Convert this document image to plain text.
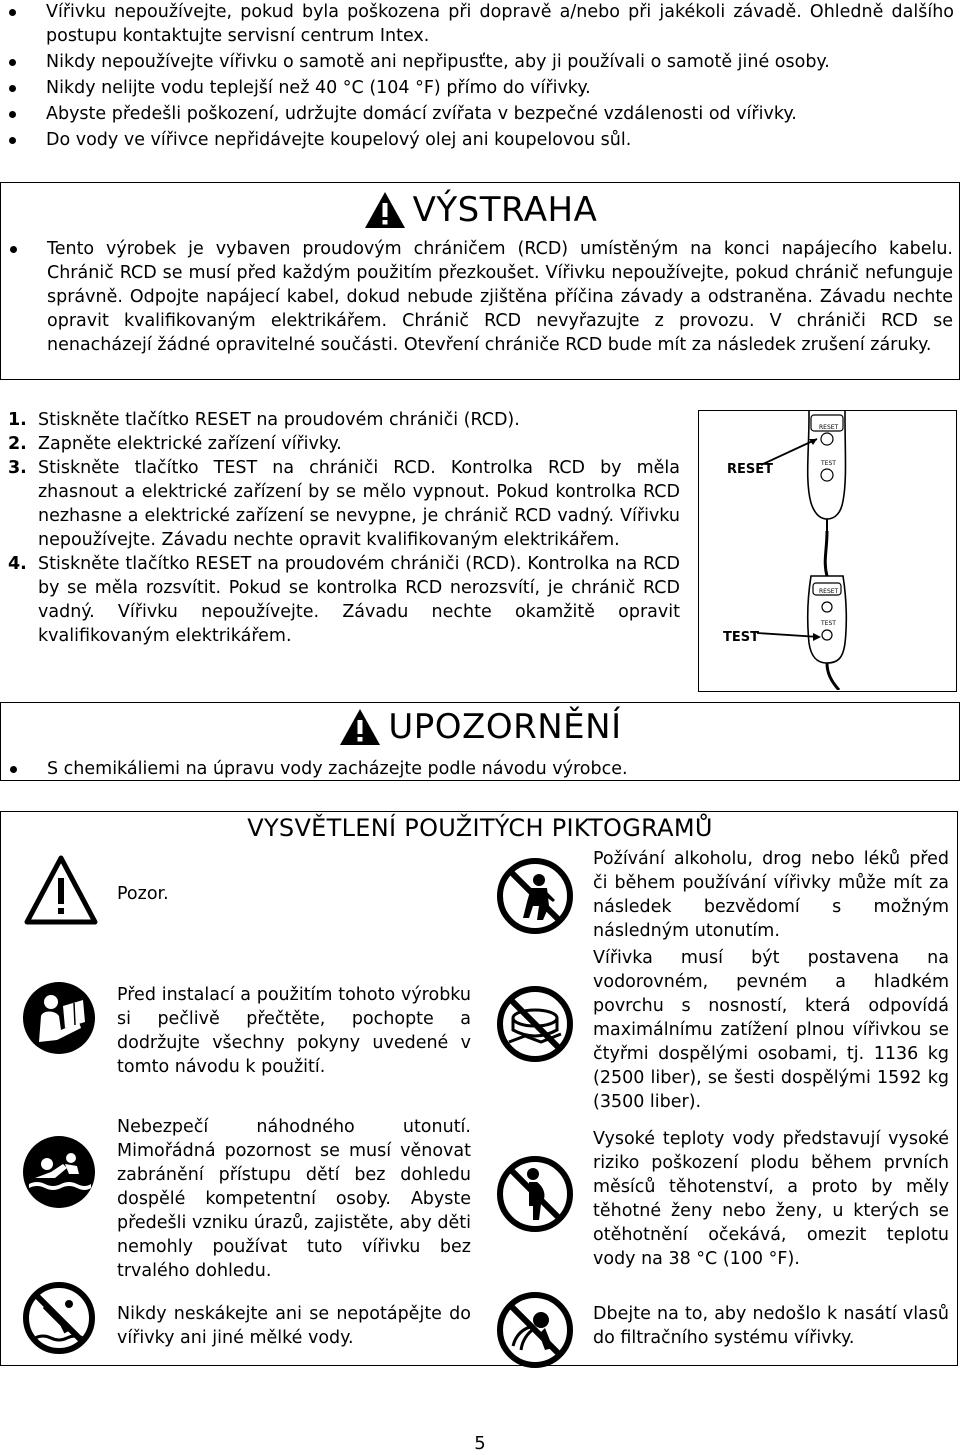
Vířivku nepoužívejte, pokud byla poškozena při dopravě a/nebo při jakékoli závadě. Ohledně dalšího postupu kontaktujte servisní centrum Intex.
Nikdy nepoužívejte vířivku o samotě ani nepřipusťte, aby ji používali o samotě jiné osoby.
Nikdy nelijte vodu teplejší než 40 °C (104 °F) přímo do vířivky.
Abyste předešli poškození, udržujte domácí zvířata v bezpečné vzdálenosti od vířivky.
Do vody ve vířivce nepřidávejte koupelový olej ani koupelovou sůl.
VÝSTRAHA
Tento výrobek je vybaven proudovým chráničem (RCD) umístěným na konci napájecího kabelu. Chránič RCD se musí před každým použitím přezkoušet. Vířivku nepoužívejte, pokud chránič nefunguje správně. Odpojte napájecí kabel, dokud nebude zjištěna příčina závady a odstraněna. Závadu nechte opravit kvalifikovaným elektrikářem. Chránič RCD nevyřazujte z provozu. V chrániči RCD se nenacházejí žádné opravitelné součásti. Otevření chrániče RCD bude mít za následek zrušení záruky.
1. Stiskněte tlačítko RESET na proudovém chrániči (RCD).
2. Zapněte elektrické zařízení vířivky.
3. Stiskněte tlačítko TEST na chrániči RCD. Kontrolka RCD by měla zhasnout a elektrické zařízení by se mělo vypnout. Pokud kontrolka RCD nezhasne a elektrické zařízení se nevypne, je chránič RCD vadný. Vířivku nepoužívejte. Závadu nechte opravit kvalifikovaným elektrikářem.
4. Stiskněte tlačítko RESET na proudovém chrániči (RCD). Kontrolka na RCD by se měla rozsvítit. Pokud se kontrolka RCD nerozsvítí, je chránič RCD vadný. Vířivku nepoužívejte. Závadu nechte okamžitě opravit kvalifikovaným elektrikářem.
RESET
TEST
RESET
RESET
TEST
TEST
UPOZORNĚNÍ
S chemikáliemi na úpravu vody zacházejte podle návodu výrobce.
VYSVĚTLENÍ POUŽITÝCH PIKTOGRAMŮ
Pozor.
Před instalací a použitím tohoto výrobku si pečlivě přečtěte, pochopte a dodržujte všechny pokyny uvedené v tomto návodu k použití.
Nebezpečí náhodného utonutí. Mimořádná pozornost se musí věnovat zabránění přístupu dětí bez dohledu dospělé kompetentní osoby. Abyste předešli vzniku úrazů, zajistěte, aby děti nemohly používat tuto vířivku bez trvalého dohledu.
Nikdy neskákejte ani se nepotápějte do vířivky ani jiné mělké vody.
Požívání alkoholu, drog nebo léků před či během používání vířivky může mít za následek bezvědomí s možným následným utonutím.
Vířivka musí být postavena na vodorovném, pevném a hladkém povrchu s nosností, která odpovídá maximálnímu zatížení plnou vířivkou se čtyřmi dospělými osobami, tj. 1136 kg (2500 liber), se šesti dospělými 1592 kg (3500 liber).
Vysoké teploty vody představují vysoké riziko poškození plodu během prvních měsíců těhotenství, a proto by měly těhotné ženy nebo ženy, u kterých se otěhotnění očekává, omezit teplotu vody na 38 °C (100 °F).
Dbejte na to, aby nedošlo k nasátí vlasů do filtračního systému vířivky.
5
